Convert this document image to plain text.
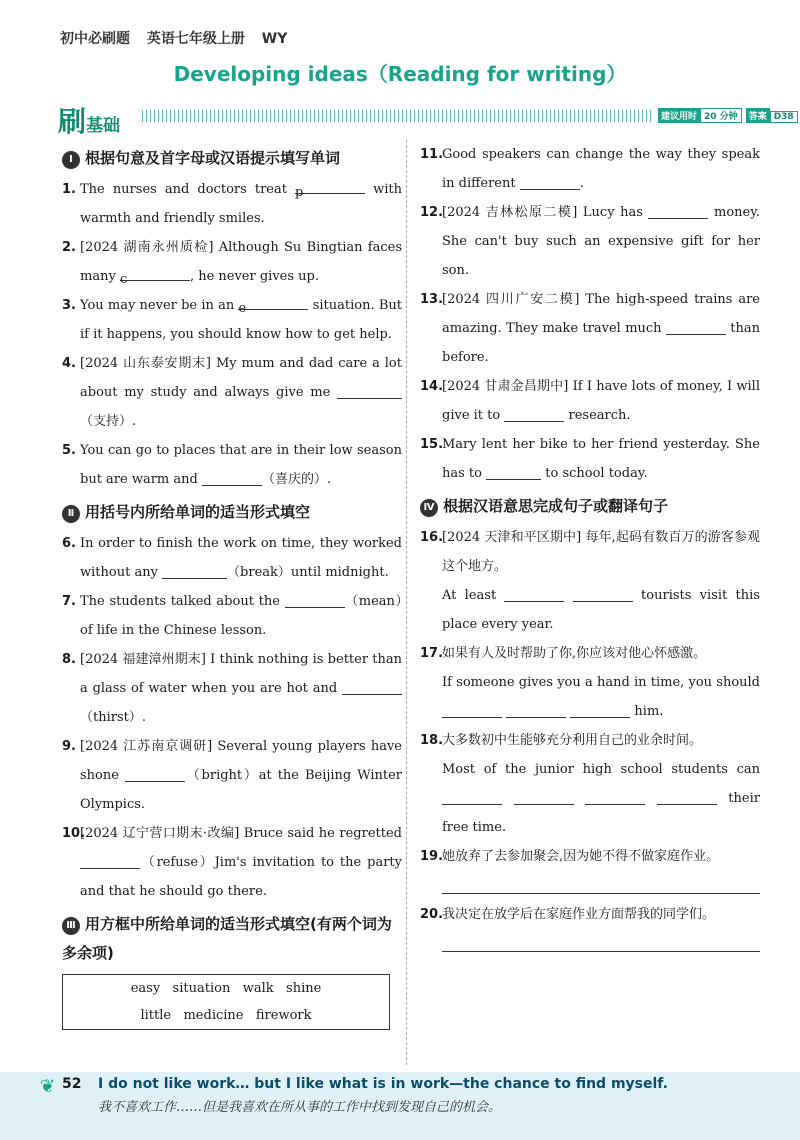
初中必刷题 英语七年级上册 WY
Developing ideas（Reading for writing）
刷基础	建议用时 20 分钟 答案 D38
Ⅰ 根据句意及首字母或汉语提示填写单词
1. The nurses and doctors treat p	with warmth and friendly smiles.
2. [2024 湖南永州质检] Although Su Bingtian faces many c	, he never gives up.
3. You may never be in an e	situation. But if it happens, you should know how to get help.
4. [2024 山东泰安期末] My mum and dad care a lot about my study and always give me （支持）.
5. You can go to places that are in their low season but are warm and	（喜庆的）.
Ⅱ 用括号内所给单词的适当形式填空
6. In order to finish the work on time, they worked without any	（break）until midnight.
7. The students talked about the	（mean）of life in the Chinese lesson.
8. [2024 福建漳州期末] I think nothing is better than a glass of water when you are hot and （thirst）.
9. [2024 江苏南京调研] Several young players have shone	（bright）at the Beijing Winter Olympics.
10.
[2024 辽宁营口期末·改编] Bruce said he regretted （refuse）Jim's invitation to the party and that he should go there.
Ⅲ 用方框中所给单词的适当形式填空(有两个词为多余项)
easy   situation   walk   shine
little   medicine   firework
11.
Good speakers can change the way they speak in different	.
12.
[2024 吉林松原二模] Lucy has	money. She can't buy such an expensive gift for her son.
13.
[2024 四川广安二模] The high-speed trains are amazing. They make travel much	than before.
14.
[2024 甘肃金昌期中] If I have lots of money, I will give it to	research.
15.
Mary lent her bike to her friend yesterday. She has to	to school today.
Ⅳ 根据汉语意思完成句子或翻译句子
16.
[2024 天津和平区期中] 每年,起码有数百万的游客参观这个地方。
At least	tourists visit this place every year.
17.
如果有人及时帮助了你,你应该对他心怀感激。
If someone gives you a hand in time, you should    him.
18.
大多数初中生能够充分利用自己的业余时间。
Most of the junior high school students can     their free time.
19.
她放弃了去参加聚会,因为她不得不做家庭作业。
20.
我决定在放学后在家庭作业方面帮我的同学们。
❦ 52 I do not like work… but I like what is in work—the chance to find myself.
我不喜欢工作……但是我喜欢在所从事的工作中找到发现自己的机会。
